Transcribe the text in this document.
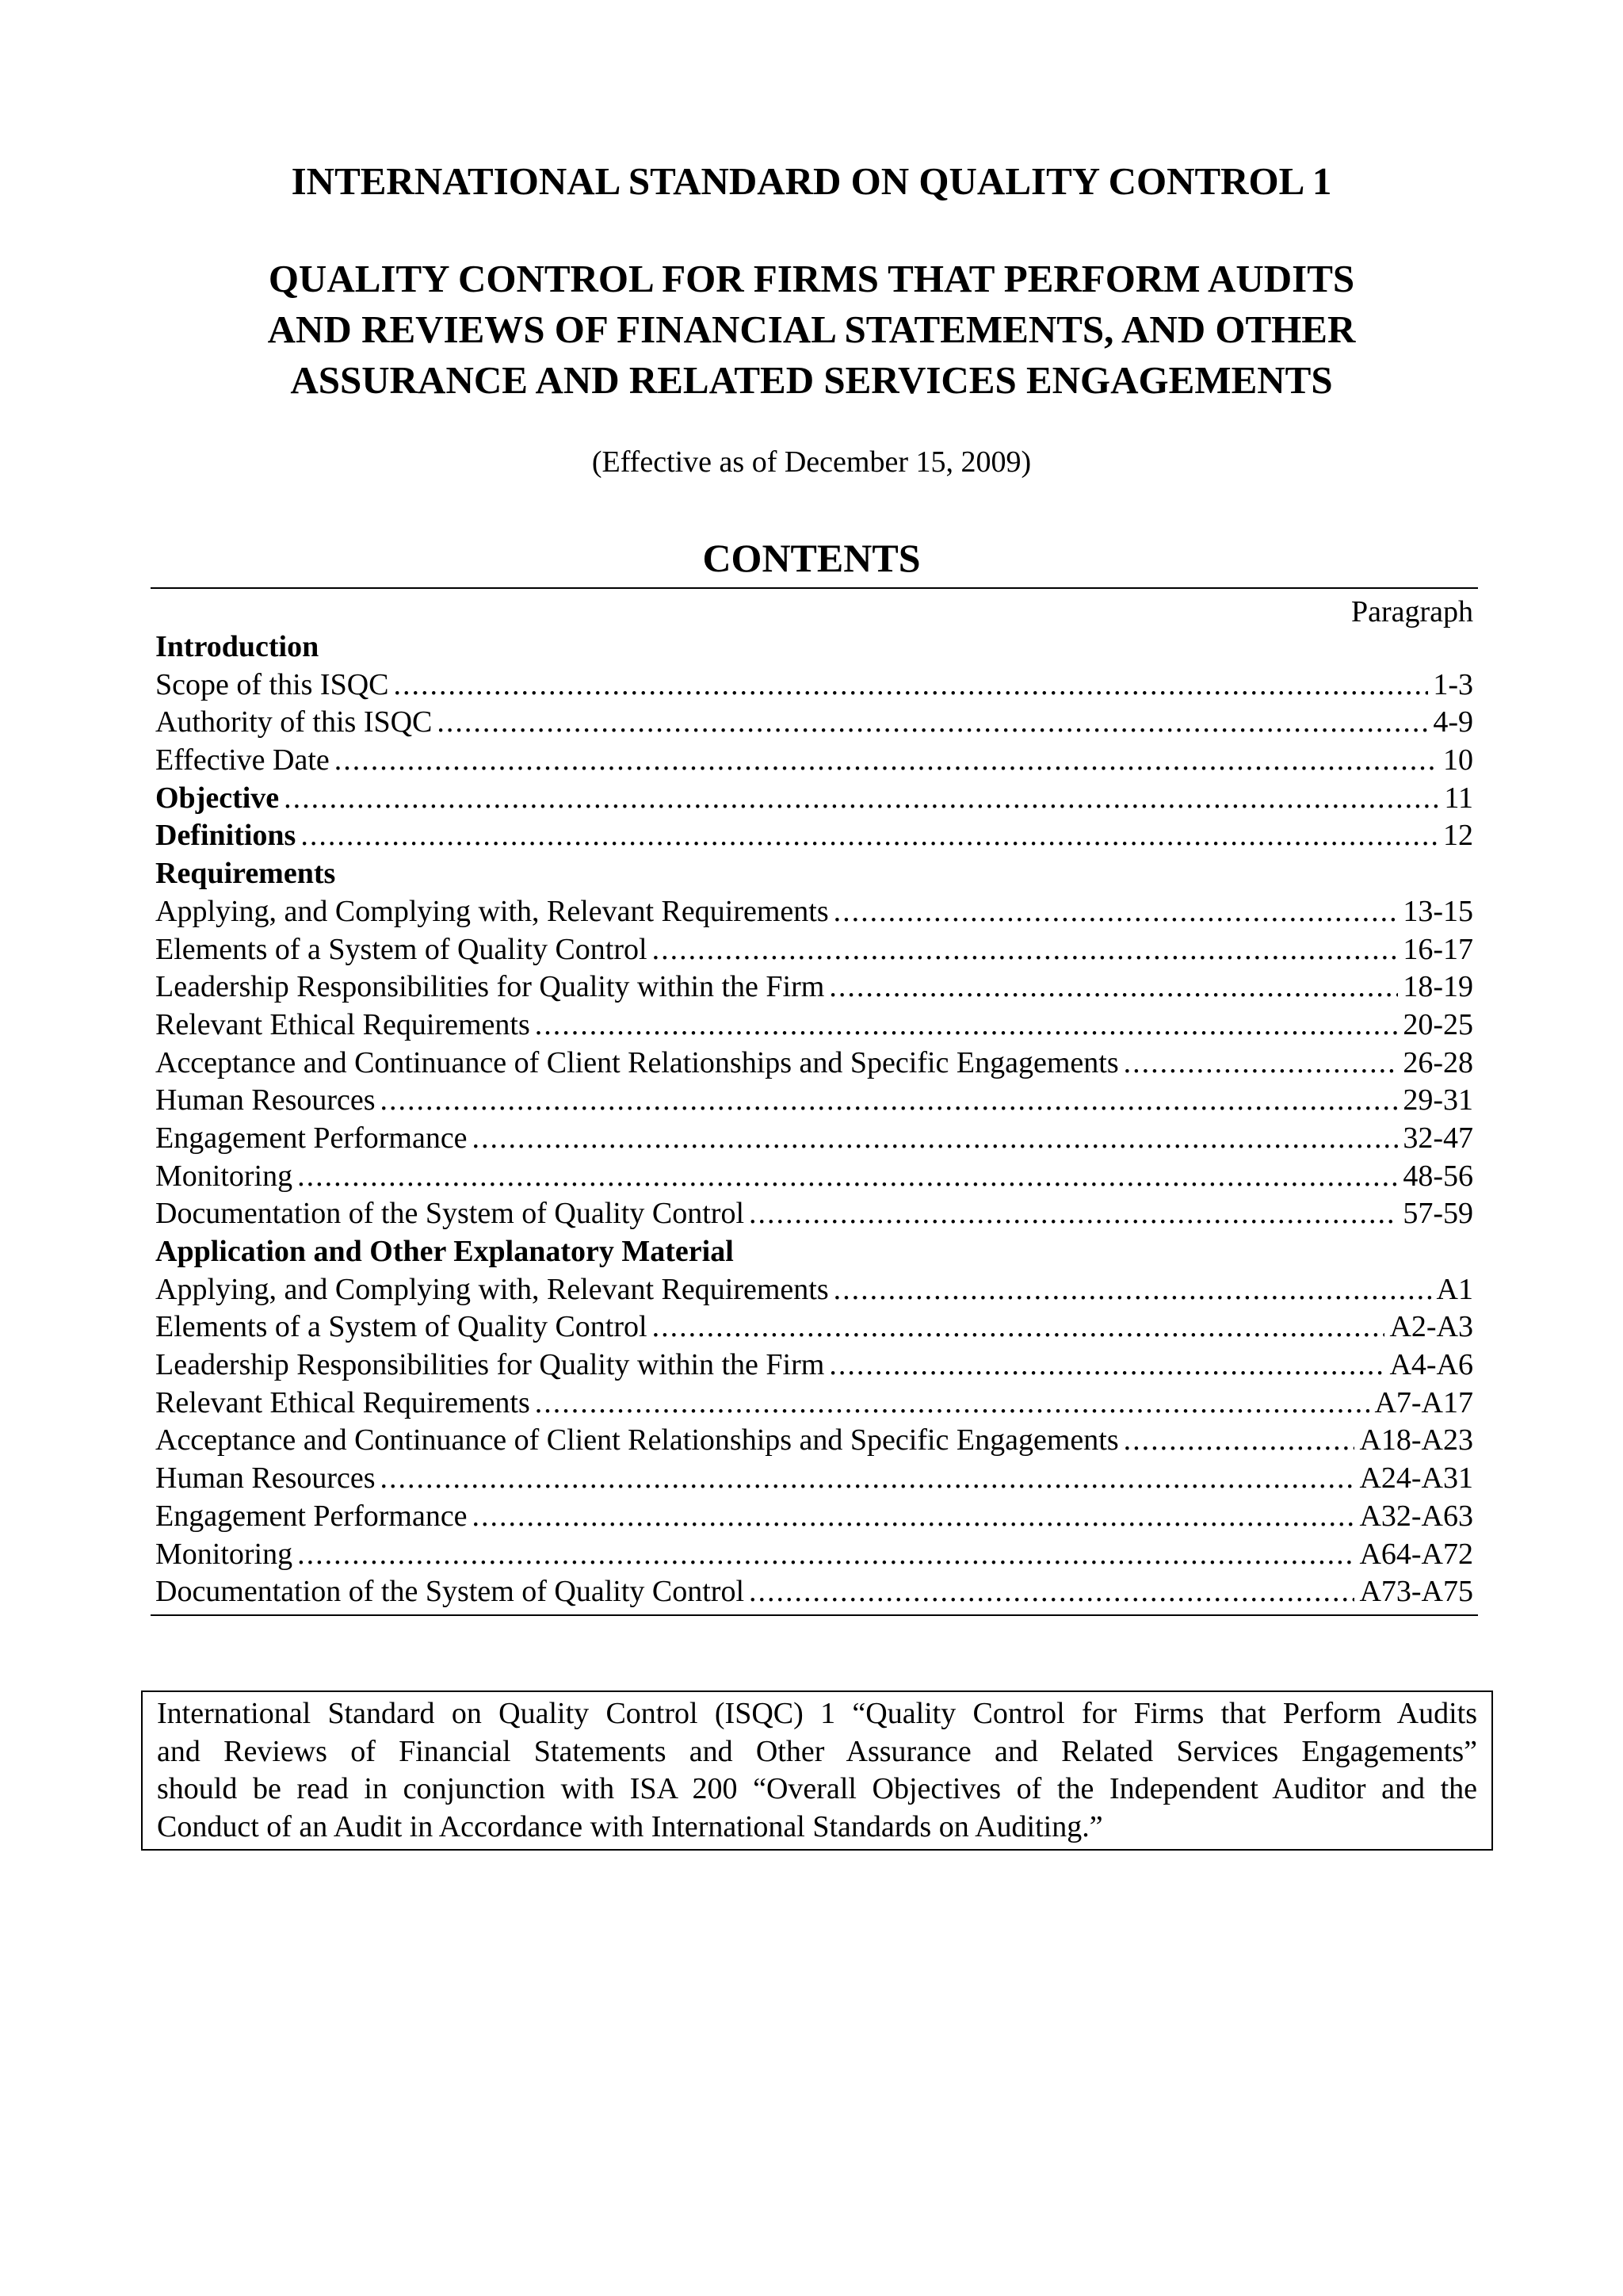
INTERNATIONAL STANDARD ON QUALITY CONTROL 1
QUALITY CONTROL FOR FIRMS THAT PERFORM AUDITS
AND REVIEWS OF FINANCIAL STATEMENTS, AND OTHER
ASSURANCE AND RELATED SERVICES ENGAGEMENTS
(Effective as of December 15, 2009)
CONTENTS
Paragraph
Introduction
Scope of this ISQC .....	1-3
Authority of this ISQC .....	4-9
Effective Date .....	10
Objective .....	11
Definitions .....	12
Requirements
Applying, and Complying with, Relevant Requirements .....	13-15
Elements of a System of Quality Control .....	16-17
Leadership Responsibilities for Quality within the Firm .....	18-19
Relevant Ethical Requirements .....	20-25
Acceptance and Continuance of Client Relationships and Specific Engagements .....	26-28
Human Resources .....	29-31
Engagement Performance .....	32-47
Monitoring .....	48-56
Documentation of the System of Quality Control .....	57-59
Application and Other Explanatory Material
Applying, and Complying with, Relevant Requirements .....	A1
Elements of a System of Quality Control .....	A2-A3
Leadership Responsibilities for Quality within the Firm .....	A4-A6
Relevant Ethical Requirements .....	A7-A17
Acceptance and Continuance of Client Relationships and Specific Engagements .....	A18-A23
Human Resources .....	A24-A31
Engagement Performance .....	A32-A63
Monitoring .....	A64-A72
Documentation of the System of Quality Control .....	A73-A75
International Standard on Quality Control (ISQC) 1 “Quality Control for Firms that Perform Audits
and Reviews of Financial Statements and Other Assurance and Related Services Engagements”
should be read in conjunction with ISA 200 “Overall Objectives of the Independent Auditor and the
Conduct of an Audit in Accordance with International Standards on Auditing.”
